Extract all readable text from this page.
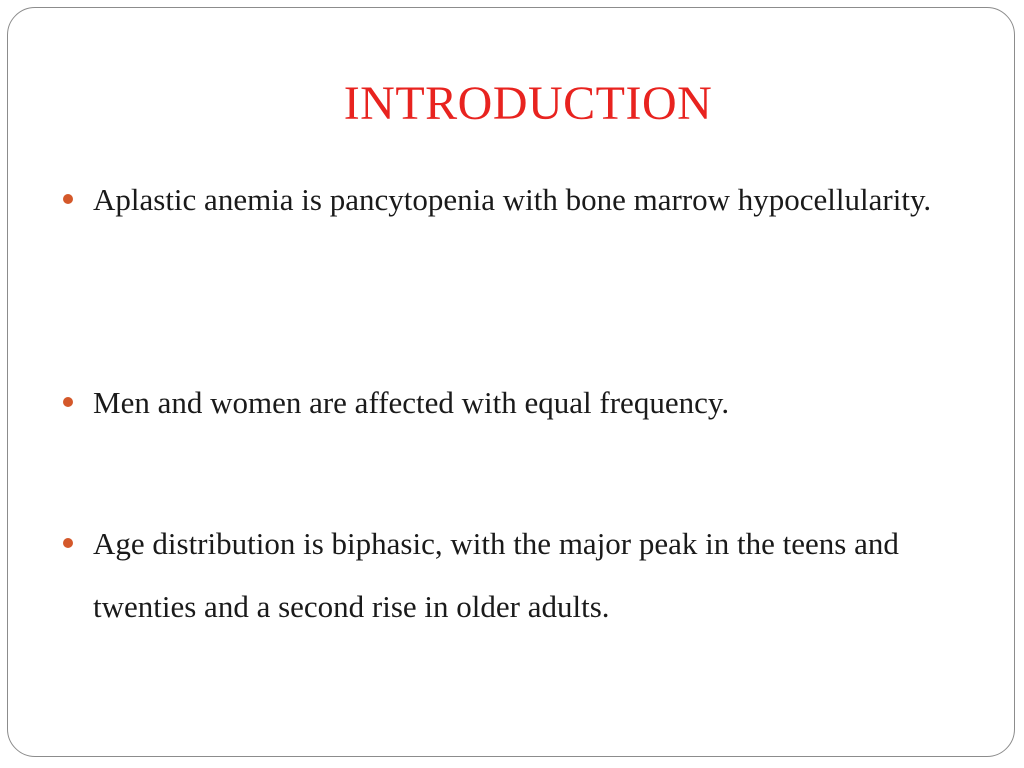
INTRODUCTION

Aplastic anemia is pancytopenia with bone marrow hypocellularity.

Men and women are affected with equal frequency.

Age distribution is biphasic, with the major peak in the teens and twenties and a second rise in older adults.
